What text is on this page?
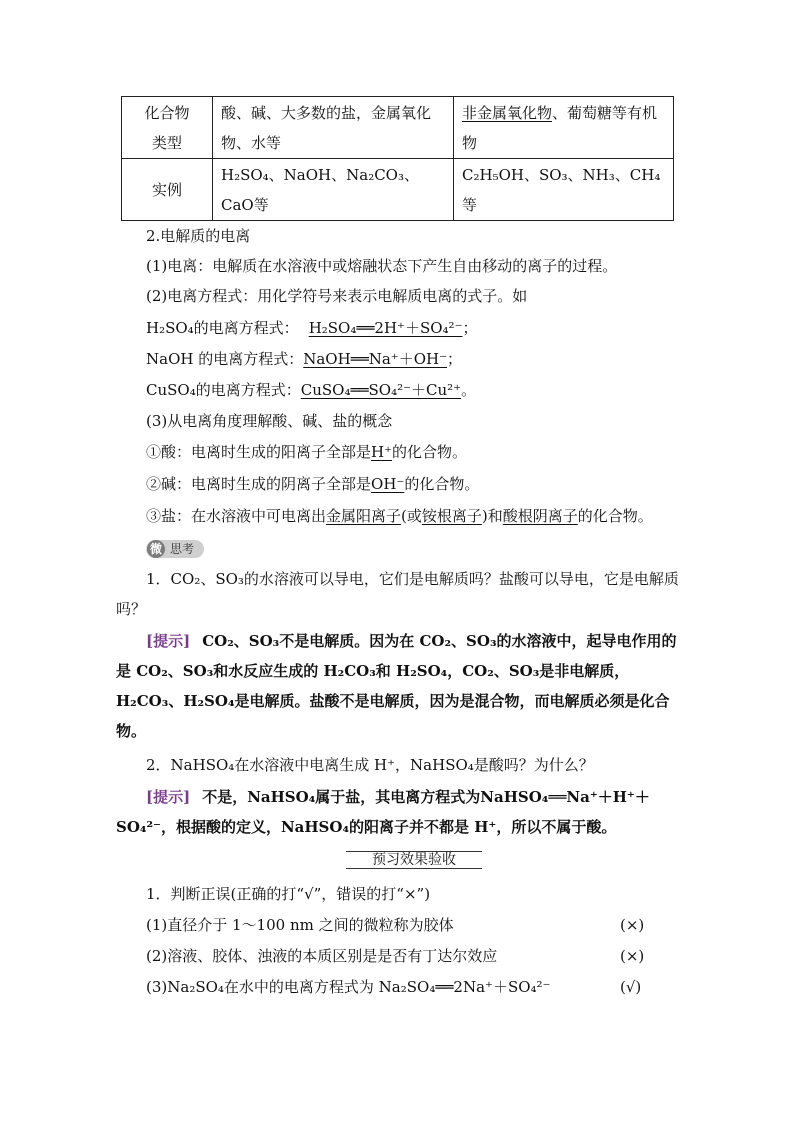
化合物类型	酸、碱、大多数的盐，金属氧化物、水等	非金属氧化物、葡萄糖等有机物
实例	H₂SO₄、NaOH、Na₂CO₃、CaO等	C₂H₅OH、SO₃、NH₃、CH₄等
2.电解质的电离
(1)电离：电解质在水溶液中或熔融状态下产生自由移动的离子的过程。
(2)电离方程式：用化学符号来表示电解质电离的式子。如
H₂SO₄的电离方程式： H₂SO₄══2H⁺＋SO₄²⁻；
NaOH 的电离方程式：NaOH══Na⁺＋OH⁻；
CuSO₄的电离方程式：CuSO₄══SO₄²⁻＋Cu²⁺。
(3)从电离角度理解酸、碱、盐的概念
①酸：电离时生成的阳离子全部是H⁺的化合物。
②碱：电离时生成的阴离子全部是OH⁻的化合物。
③盐：在水溶液中可电离出金属阳离子(或铵根离子)和酸根阴离子的化合物。
微 思考
1．CO₂、SO₃的水溶液可以导电，它们是电解质吗？盐酸可以导电，它是电解质吗？
[提示] CO₂、SO₃不是电解质。因为在 CO₂、SO₃的水溶液中，起导电作用的是 CO₂、SO₃和水反应生成的 H₂CO₃和 H₂SO₄，CO₂、SO₃是非电解质，H₂CO₃、H₂SO₄是电解质。盐酸不是电解质，因为是混合物，而电解质必须是化合物。
2．NaHSO₄在水溶液中电离生成 H⁺，NaHSO₄是酸吗？为什么？
[提示] 不是，NaHSO₄属于盐，其电离方程式为NaHSO₄══Na⁺＋H⁺＋SO₄²⁻，根据酸的定义，NaHSO₄的阳离子并不都是 H⁺，所以不属于酸。
预习效果验收
1．判断正误(正确的打“√”，错误的打“×”)
(1)直径介于 1～100 nm 之间的微粒称为胶体	(×)
(2)溶液、胶体、浊液的本质区别是是否有丁达尔效应	(×)
(3)Na₂SO₄在水中的电离方程式为 Na₂SO₄══2Na⁺＋SO₄²⁻	(√)
